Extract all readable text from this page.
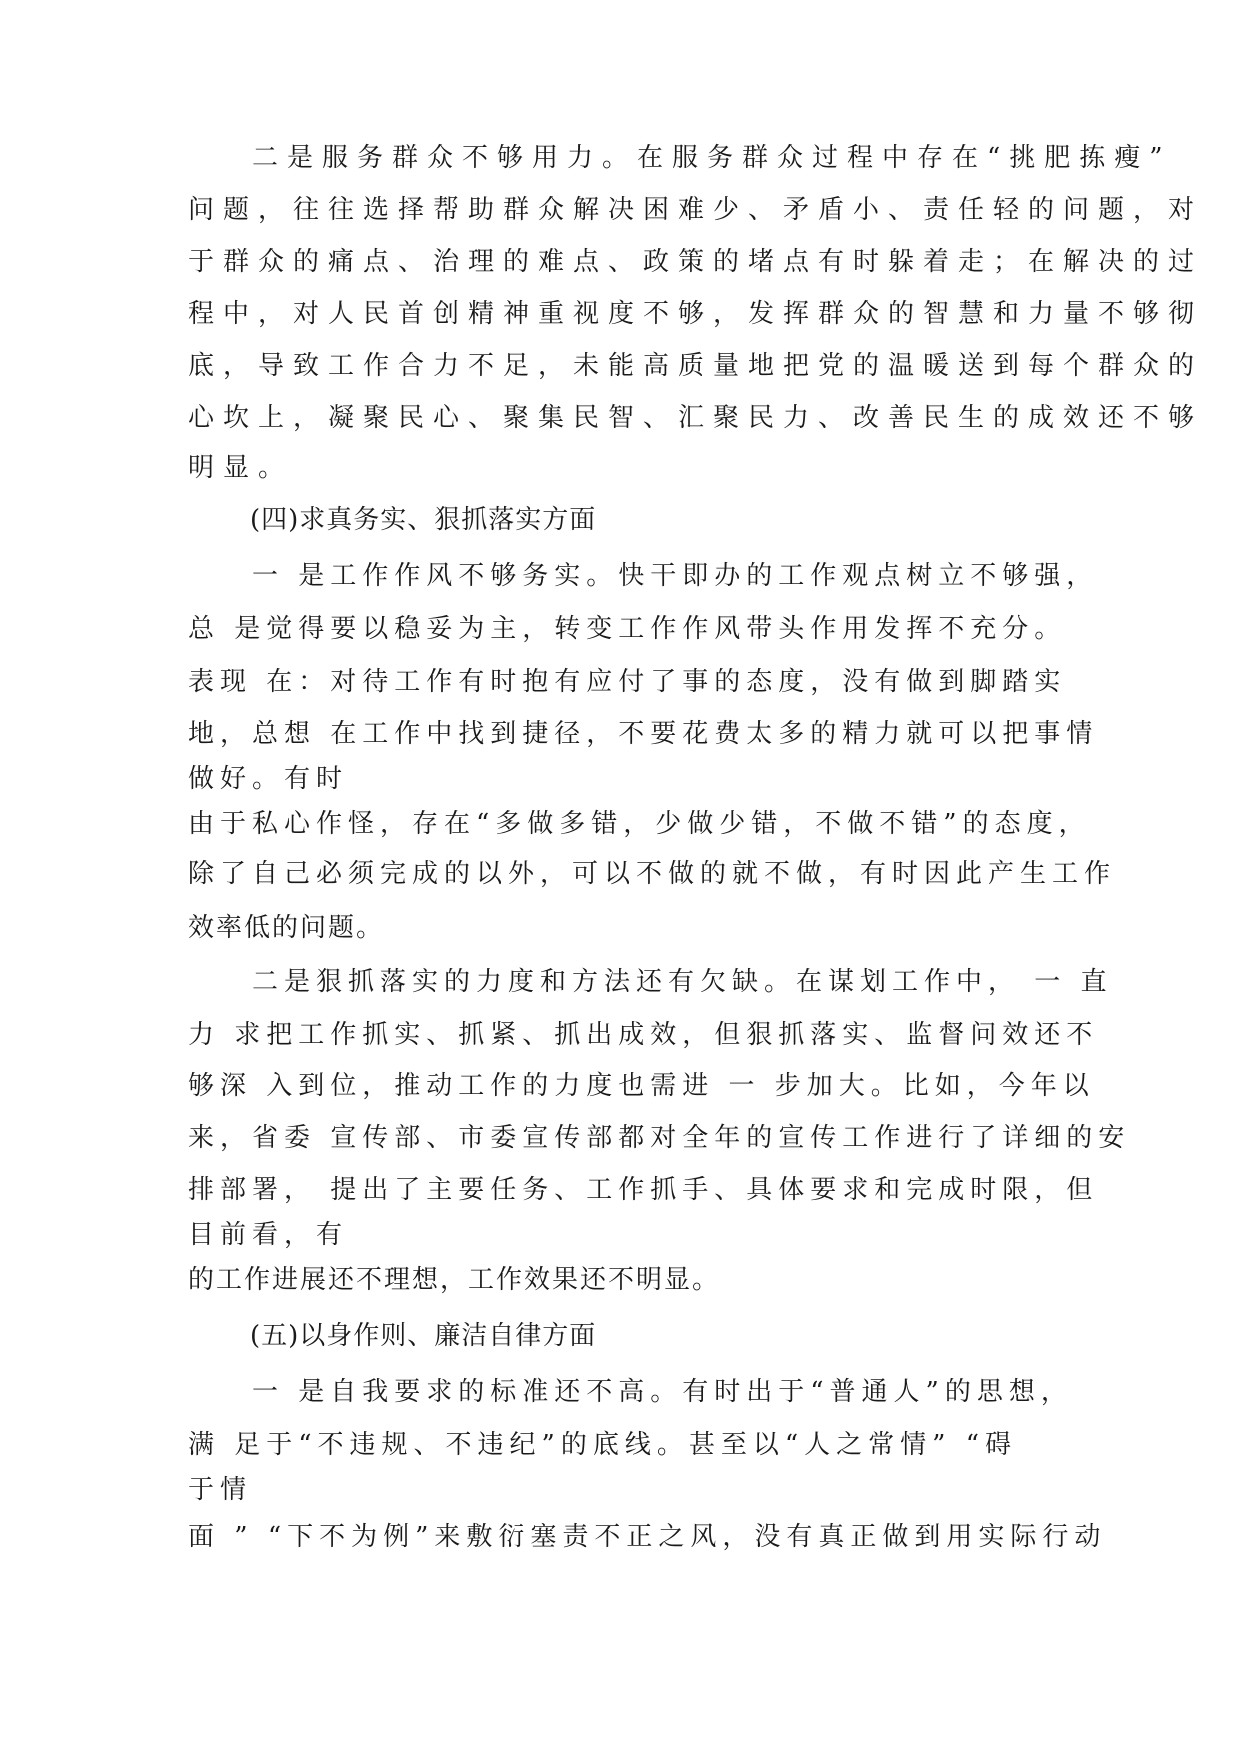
二是服务群众不够用力。在服务群众过程中存在“挑肥拣瘦”
问题，往往选择帮助群众解决困难少、矛盾小、责任轻的问题，对
于群众的痛点、治理的难点、政策的堵点有时躲着走；在解决的过
程中，对人民首创精神重视度不够，发挥群众的智慧和力量不够彻
底，导致工作合力不足，未能高质量地把党的温暖送到每个群众的
心坎上，凝聚民心、聚集民智、汇聚民力、改善民生的成效还不够
明显。
(四)求真务实、狠抓落实方面
一 是工作作风不够务实。快干即办的工作观点树立不够强，
总 是觉得要以稳妥为主，转变工作作风带头作用发挥不充分。
表现 在：对待工作有时抱有应付了事的态度，没有做到脚踏实
地，总想 在工作中找到捷径，不要花费太多的精力就可以把事情
做好。有时
由于私心作怪，存在“多做多错，少做少错，不做不错”的态度，
除了自己必须完成的以外，可以不做的就不做，有时因此产生工作
效率低的问题。
二是狠抓落实的力度和方法还有欠缺。在谋划工作中， 一 直
力 求把工作抓实、抓紧、抓出成效，但狠抓落实、监督问效还不
够深 入到位，推动工作的力度也需进 一 步加大。比如，今年以
来，省委 宣传部、市委宣传部都对全年的宣传工作进行了详细的安
排部署， 提出了主要任务、工作抓手、具体要求和完成时限，但
目前看，有
的工作进展还不理想，工作效果还不明显。
(五)以身作则、廉洁自律方面
一 是自我要求的标准还不高。有时出于“普通人”的思想，
满 足于“不违规、不违纪”的底线。甚至以“人之常情” “碍
于情
面 ” “下不为例”来敷衍塞责不正之风，没有真正做到用实际行动
